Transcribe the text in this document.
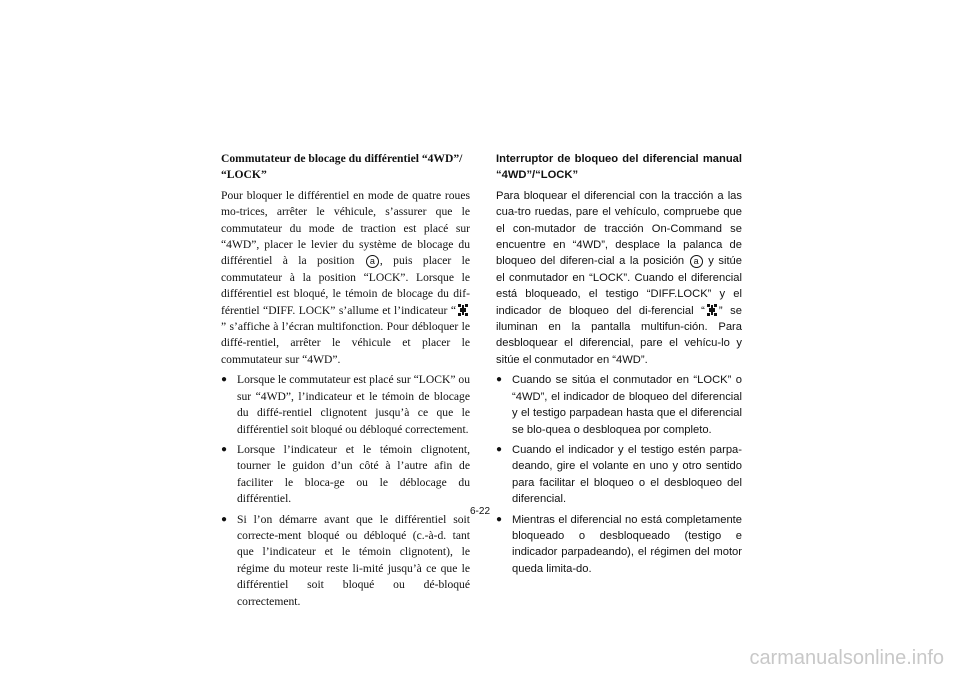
Commutateur de blocage du différentiel “4WD”/ “LOCK”
Pour bloquer le différentiel en mode de quatre roues mo-trices, arrêter le véhicule, s’assurer que le commutateur du mode de traction est placé sur “4WD”, placer le levier du système de blocage du différentiel à la position a , puis placer le commutateur à la position “LOCK”. Lorsque le différentiel est bloqué, le témoin de blocage du dif-férentiel “DIFF. LOCK” s’allume et l’indicateur “” s’affiche à l’écran multifonction. Pour débloquer le diffé-rentiel, arrêter le véhicule et placer le commutateur sur “4WD”.
● Lorsque le commutateur est placé sur “LOCK” ou sur “4WD”, l’indicateur et le témoin de blocage du diffé-rentiel clignotent jusqu’à ce que le différentiel soit bloqué ou débloqué correctement.
● Lorsque l’indicateur et le témoin clignotent, tourner le guidon d’un côté à l’autre afin de faciliter le bloca-ge ou le déblocage du différentiel.
● Si l’on démarre avant que le différentiel soit correcte-ment bloqué ou débloqué (c.-à-d. tant que l’indicateur et le témoin clignotent), le régime du moteur reste li-mité jusqu’à ce que le différentiel soit bloqué ou dé-bloqué correctement.
Interruptor de bloqueo del diferencial manual “4WD”/“LOCK”
Para bloquear el diferencial con la tracción a las cua-tro ruedas, pare el vehículo, compruebe que el con-mutador de tracción On-Command se encuentre en “4WD”, desplace la palanca de bloqueo del diferen-cial a la posición a y sitúe el conmutador en “LOCK”. Cuando el diferencial está bloqueado, el testigo “DIFF.LOCK” y el indicador de bloqueo del di-ferencial “ ” se iluminan en la pantalla multifun-ción. Para desbloquear el diferencial, pare el vehícu-lo y sitúe el conmutador en “4WD”.
● Cuando se sitúa el conmutador en “LOCK” o “4WD”, el indicador de bloqueo del diferencial y el testigo parpadean hasta que el diferencial se blo-quea o desbloquea por completo.
● Cuando el indicador y el testigo estén parpa-deando, gire el volante en uno y otro sentido para facilitar el bloqueo o el desbloqueo del diferencial.
● Mientras el diferencial no está completamente bloqueado o desbloqueado (testigo e indicador parpadeando), el régimen del motor queda limita-do.
6-22
carmanualsonline.info
